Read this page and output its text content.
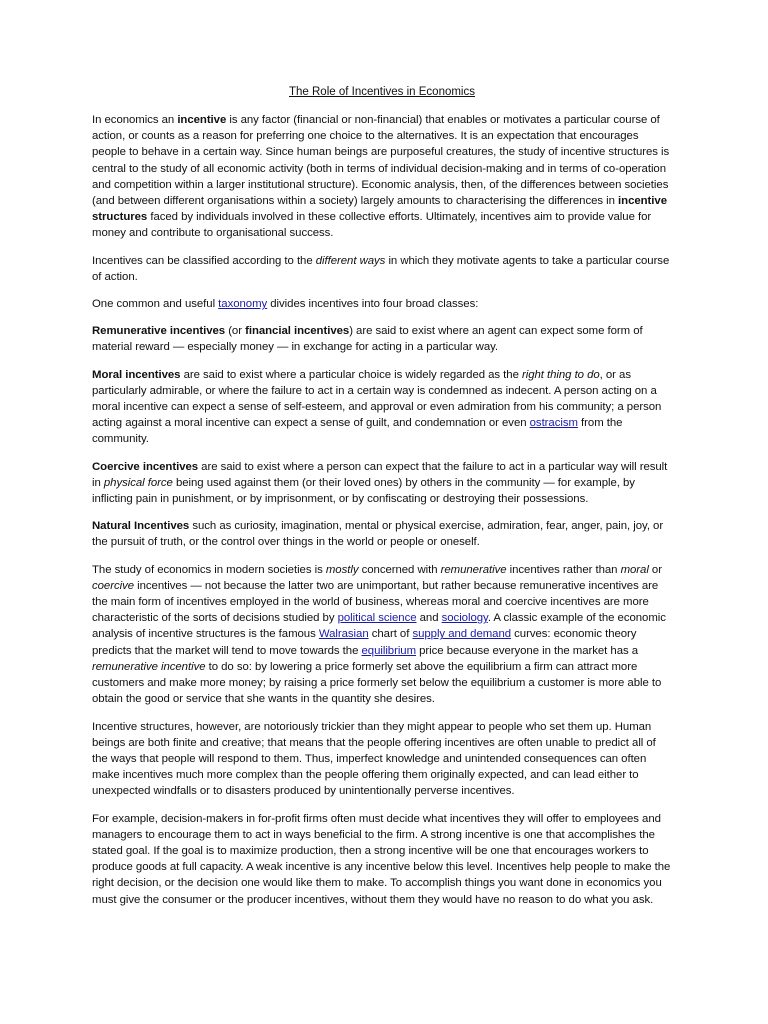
The Role of Incentives in Economics

In economics an incentive is any factor (financial or non-financial) that enables or motivates a particular course of action, or counts as a reason for preferring one choice to the alternatives. It is an expectation that encourages people to behave in a certain way. Since human beings are purposeful creatures, the study of incentive structures is central to the study of all economic activity (both in terms of individual decision-making and in terms of co-operation and competition within a larger institutional structure). Economic analysis, then, of the differences between societies (and between different organisations within a society) largely amounts to characterising the differences in incentive structures faced by individuals involved in these collective efforts. Ultimately, incentives aim to provide value for money and contribute to organisational success.

Incentives can be classified according to the different ways in which they motivate agents to take a particular course of action.

One common and useful taxonomy divides incentives into four broad classes:

Remunerative incentives (or financial incentives) are said to exist where an agent can expect some form of material reward — especially money — in exchange for acting in a particular way.

Moral incentives are said to exist where a particular choice is widely regarded as the right thing to do, or as particularly admirable, or where the failure to act in a certain way is condemned as indecent. A person acting on a moral incentive can expect a sense of self-esteem, and approval or even admiration from his community; a person acting against a moral incentive can expect a sense of guilt, and condemnation or even ostracism from the community.

Coercive incentives are said to exist where a person can expect that the failure to act in a particular way will result in physical force being used against them (or their loved ones) by others in the community — for example, by inflicting pain in punishment, or by imprisonment, or by confiscating or destroying their possessions.

Natural Incentives such as curiosity, imagination, mental or physical exercise, admiration, fear, anger, pain, joy, or the pursuit of truth, or the control over things in the world or people or oneself.

The study of economics in modern societies is mostly concerned with remunerative incentives rather than moral or coercive incentives — not because the latter two are unimportant, but rather because remunerative incentives are the main form of incentives employed in the world of business, whereas moral and coercive incentives are more characteristic of the sorts of decisions studied by political science and sociology. A classic example of the economic analysis of incentive structures is the famous Walrasian chart of supply and demand curves: economic theory predicts that the market will tend to move towards the equilibrium price because everyone in the market has a remunerative incentive to do so: by lowering a price formerly set above the equilibrium a firm can attract more customers and make more money; by raising a price formerly set below the equilibrium a customer is more able to obtain the good or service that she wants in the quantity she desires.

Incentive structures, however, are notoriously trickier than they might appear to people who set them up. Human beings are both finite and creative; that means that the people offering incentives are often unable to predict all of the ways that people will respond to them. Thus, imperfect knowledge and unintended consequences can often make incentives much more complex than the people offering them originally expected, and can lead either to unexpected windfalls or to disasters produced by unintentionally perverse incentives.

For example, decision-makers in for-profit firms often must decide what incentives they will offer to employees and managers to encourage them to act in ways beneficial to the firm. A strong incentive is one that accomplishes the stated goal. If the goal is to maximize production, then a strong incentive will be one that encourages workers to produce goods at full capacity. A weak incentive is any incentive below this level. Incentives help people to make the right decision, or the decision one would like them to make. To accomplish things you want done in economics you must give the consumer or the producer incentives, without them they would have no reason to do what you ask.
